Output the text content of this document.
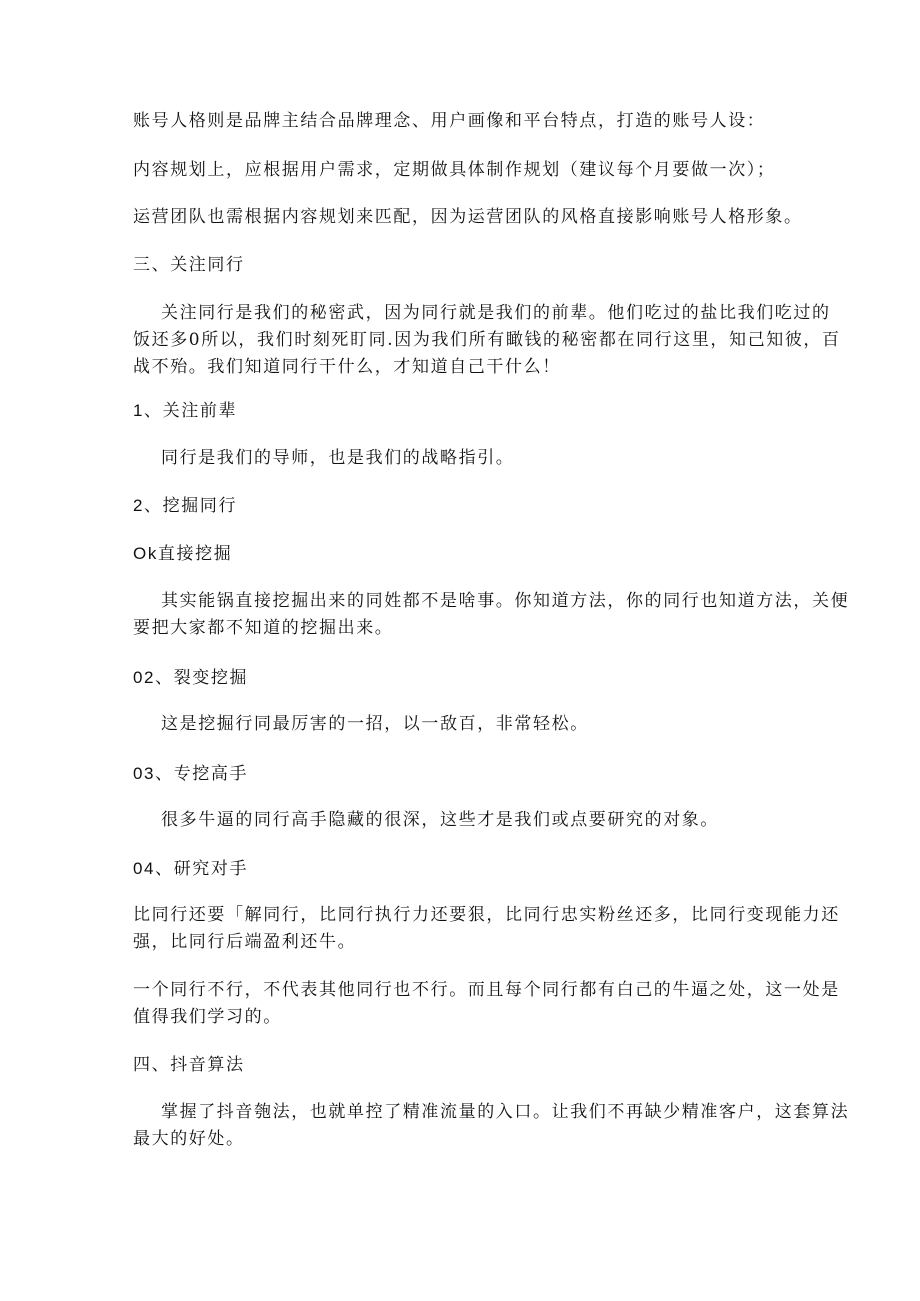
账号人格则是品牌主结合品牌理念、用户画像和平台特点，打造的账号人设：
内容规划上，应根据用户需求，定期做具体制作规划（建议每个月要做一次）；
运营团队也需根据内容规划来匹配，因为运营团队的风格直接影响账号人格形象。
三、关注同行
关注同行是我们的秘密武，因为同行就是我们的前辈。他们吃过的盐比我们吃过的
饭还多0所以，我们时刻死盯同.因为我们所有瞰钱的秘密都在同行这里，知己知彼，百
战不殆。我们知道同行干什么，才知道自己干什么！
1、关注前辈
同行是我们的导师，也是我们的战略指引。
2、挖掘同行
Ok直接挖掘
其实能锅直接挖掘出来的同姓都不是啥事。你知道方法，你的同行也知道方法，关便
要把大家都不知道的挖掘出来。
02、裂变挖掘
这是挖掘行同最厉害的一招，以一敌百，非常轻松。
03、专挖高手
很多牛逼的同行高手隐藏的很深，这些才是我们或点要研究的对象。
04、研究对手
比同行还要「解同行，比同行执行力还要狠，比同行忠实粉丝还多，比同行变现能力还
强，比同行后端盈利还牛。
一个同行不行，不代表其他同行也不行。而且每个同行都有白己的牛逼之处，这一处是
值得我们学习的。
四、抖音算法
掌握了抖音匏法，也就单控了精准流量的入口。让我们不再缺少精准客户，这套算法
最大的好处。
